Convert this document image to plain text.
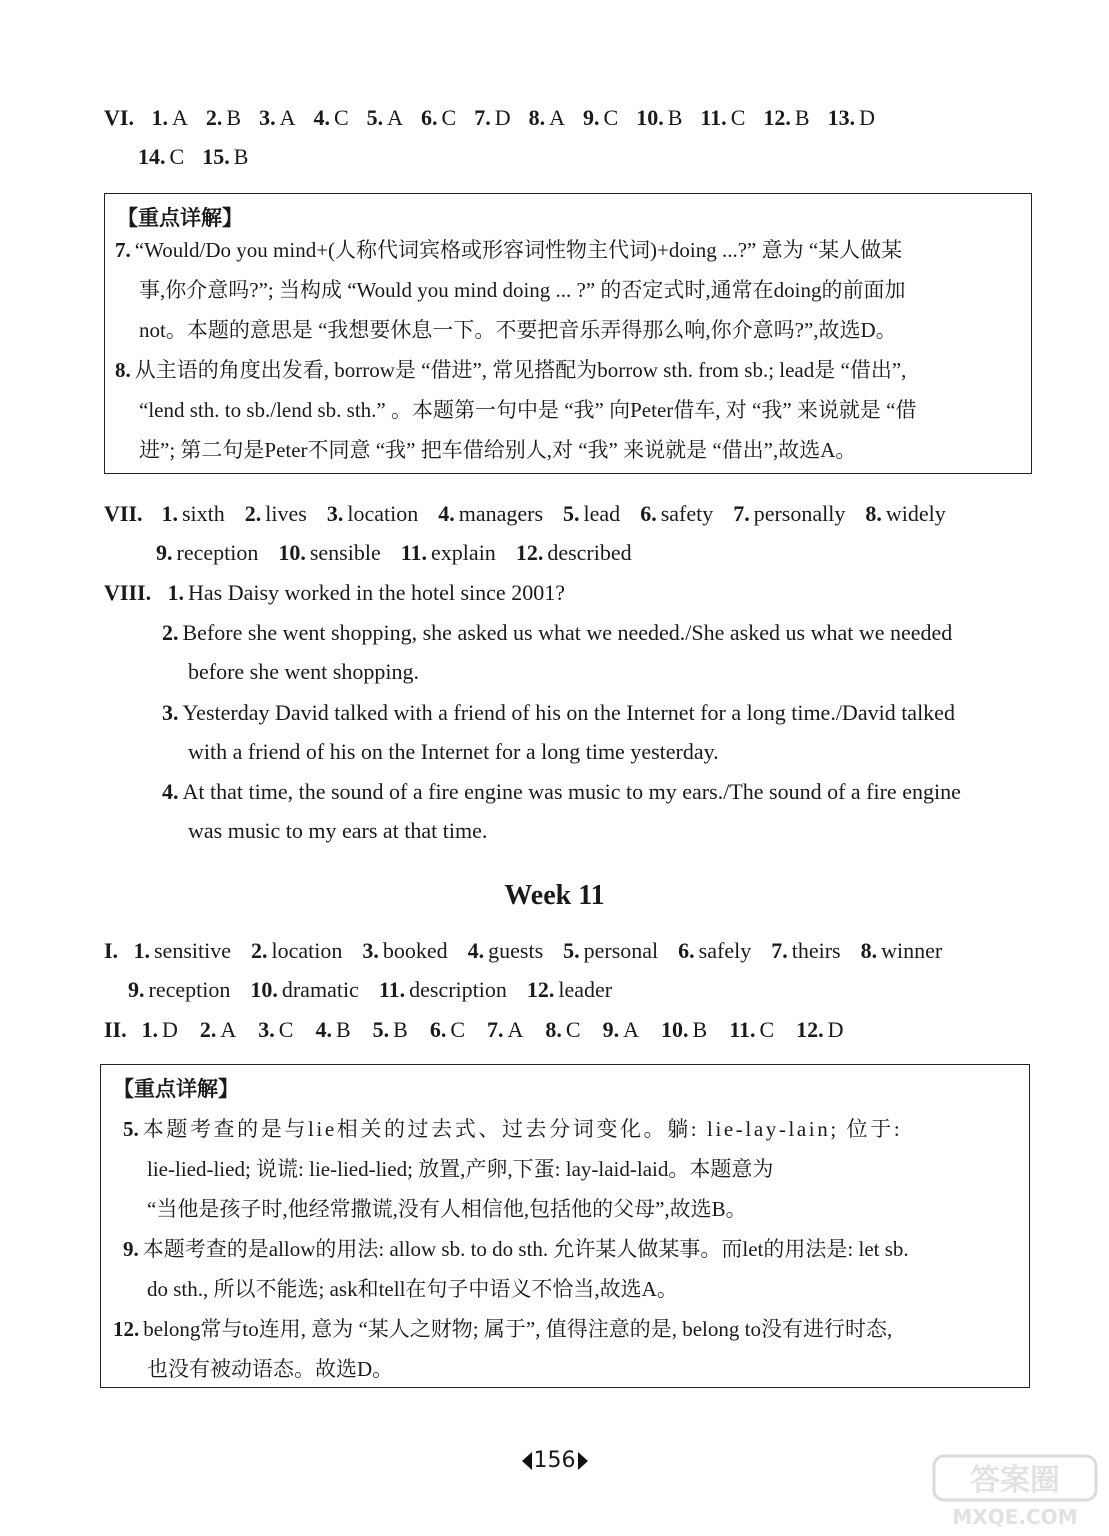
VI. 1. A 2. B 3. A 4. C 5. A 6. C 7. D 8. A 9. C 10. B 11. C 12. B 13. D
14. C 15. B
【重点详解】
7. “Would/Do you mind+(人称代词宾格或形容词性物主代词)+doing ...?” 意为 “某人做某
事,你介意吗?”; 当构成 “Would you mind doing ... ?” 的否定式时,通常在doing的前面加
not。本题的意思是 “我想要休息一下。不要把音乐弄得那么响,你介意吗?”,故选D。
8. 从主语的角度出发看, borrow是 “借进”, 常见搭配为borrow sth. from sb.; lead是 “借出”,
“lend sth. to sb./lend sb. sth.” 。本题第一句中是 “我” 向Peter借车, 对 “我” 来说就是 “借
进”; 第二句是Peter不同意 “我” 把车借给别人,对 “我” 来说就是 “借出”,故选A。
VII. 1. sixth 2. lives 3. location 4. managers 5. lead 6. safety 7. personally 8. widely
9. reception 10. sensible 11. explain 12. described
VIII. 1. Has Daisy worked in the hotel since 2001?
2. Before she went shopping, she asked us what we needed./She asked us what we needed
before she went shopping.
3. Yesterday David talked with a friend of his on the Internet for a long time./David talked
with a friend of his on the Internet for a long time yesterday.
4. At that time, the sound of a fire engine was music to my ears./The sound of a fire engine
was music to my ears at that time.
Week 11
I. 1. sensitive 2. location 3. booked 4. guests 5. personal 6. safely 7. theirs 8. winner
9. reception 10. dramatic 11. description 12. leader
II. 1. D 2. A 3. C 4. B 5. B 6. C 7. A 8. C 9. A 10. B 11. C 12. D
【重点详解】
5. 本题考查的是与lie相关的过去式、过去分词变化。躺: lie-lay-lain; 位于:
lie-lied-lied; 说谎: lie-lied-lied; 放置,产卵,下蛋: lay-laid-laid。本题意为
“当他是孩子时,他经常撒谎,没有人相信他,包括他的父母”,故选B。
9. 本题考查的是allow的用法: allow sb. to do sth. 允许某人做某事。而let的用法是: let sb.
do sth., 所以不能选; ask和tell在句子中语义不恰当,故选A。
12. belong常与to连用, 意为 “某人之财物; 属于”, 值得注意的是, belong to没有进行时态,
也没有被动语态。故选D。
156
答案圈
MXQE.COM
